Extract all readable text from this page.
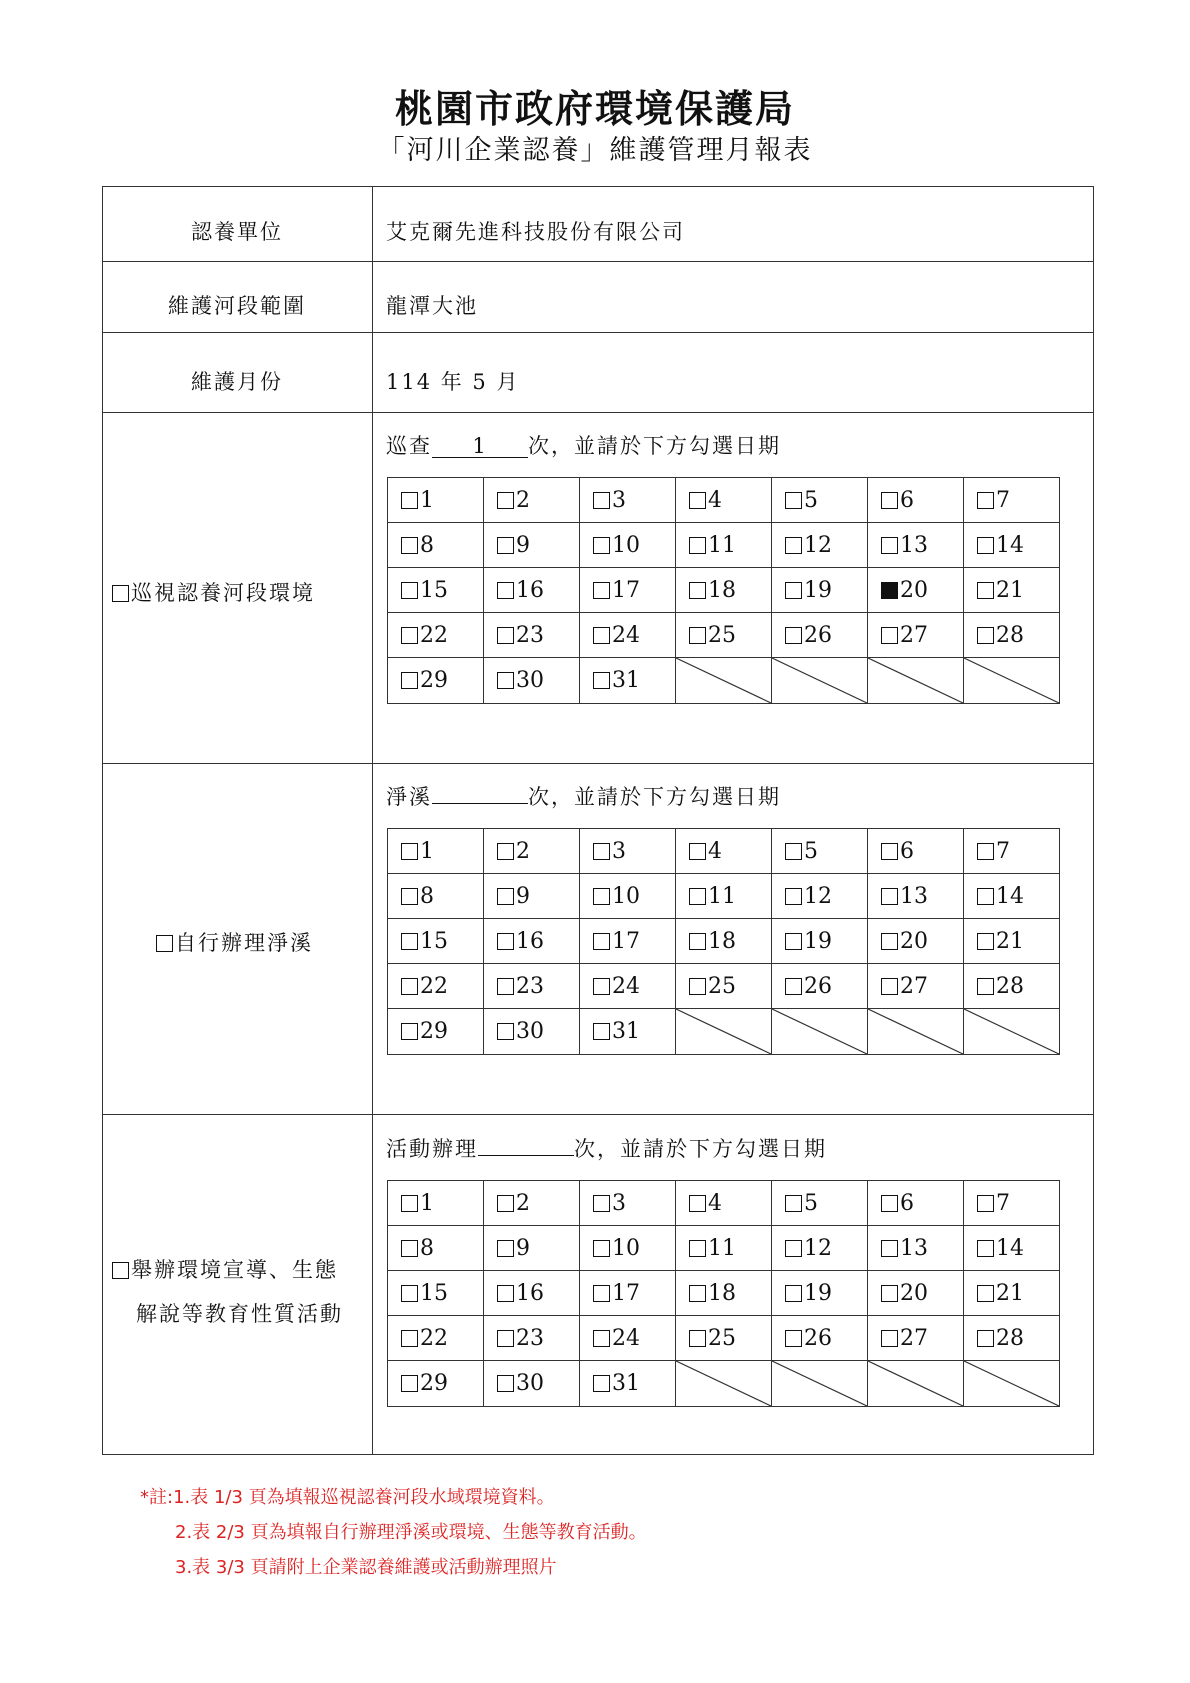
桃園市政府環境保護局
「河川企業認養」維護管理月報表
認養單位	艾克爾先進科技股份有限公司
維護河段範圍	龍潭大池
維護月份	114 年 5 月
巡視認養河段環境
巡查 1 次，並請於下方勾選日期
1	2	3	4	5	6	7
8	9	10	11	12	13	14
15	16	17	18	19	20	21
22	23	24	25	26	27	28
29	30	31	

自行辦理淨溪
淨溪	次，並請於下方勾選日期
1	2	3	4	5	6	7
8	9	10	11	12	13	14
15	16	17	18	19	20	21
22	23	24	25	26	27	28
29	30	31	

舉辦環境宣導、生態
解說等教育性質活動
活動辦理	次，並請於下方勾選日期
1	2	3	4	5	6	7
8	9	10	11	12	13	14
15	16	17	18	19	20	21
22	23	24	25	26	27	28
29	30	31	

*註:1.表 1/3 頁為填報巡視認養河段水域環境資料。
2.表 2/3 頁為填報自行辦理淨溪或環境、生態等教育活動。
3.表 3/3 頁請附上企業認養維護或活動辦理照片
